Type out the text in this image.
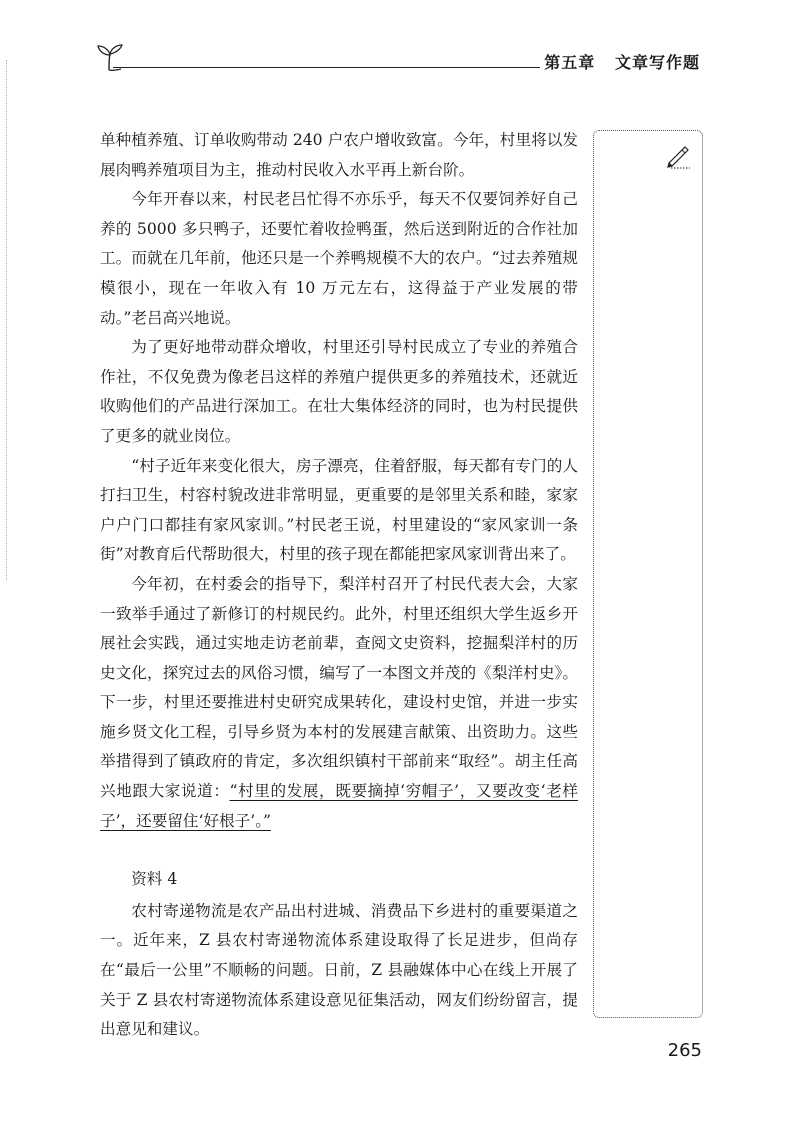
第五章   文章写作题

单种植养殖、订单收购带动 240 户农户增收致富。今年，村里将以发展肉鸭养殖项目为主，推动村民收入水平再上新台阶。

今年开春以来，村民老吕忙得不亦乐乎，每天不仅要饲养好自己养的 5000 多只鸭子，还要忙着收捡鸭蛋，然后送到附近的合作社加工。而就在几年前，他还只是一个养鸭规模不大的农户。“过去养殖规模很小，现在一年收入有 10 万元左右，这得益于产业发展的带动。”老吕高兴地说。

为了更好地带动群众增收，村里还引导村民成立了专业的养殖合作社，不仅免费为像老吕这样的养殖户提供更多的养殖技术，还就近收购他们的产品进行深加工。在壮大集体经济的同时，也为村民提供了更多的就业岗位。

“村子近年来变化很大，房子漂亮，住着舒服，每天都有专门的人打扫卫生，村容村貌改进非常明显，更重要的是邻里关系和睦，家家户户门口都挂有家风家训。”村民老王说，村里建设的“家风家训一条街”对教育后代帮助很大，村里的孩子现在都能把家风家训背出来了。

今年初，在村委会的指导下，梨洋村召开了村民代表大会，大家一致举手通过了新修订的村规民约。此外，村里还组织大学生返乡开展社会实践，通过实地走访老前辈，查阅文史资料，挖掘梨洋村的历史文化，探究过去的风俗习惯，编写了一本图文并茂的《梨洋村史》。下一步，村里还要推进村史研究成果转化，建设村史馆，并进一步实施乡贤文化工程，引导乡贤为本村的发展建言献策、出资助力。这些举措得到了镇政府的肯定，多次组织镇村干部前来“取经”。胡主任高兴地跟大家说道：“村里的发展，既要摘掉‘穷帽子’，又要改变‘老样子’，还要留住‘好根子’。”

资料 4

农村寄递物流是农产品出村进城、消费品下乡进村的重要渠道之一。近年来，Z 县农村寄递物流体系建设取得了长足进步，但尚存在“最后一公里”不顺畅的问题。日前，Z 县融媒体中心在线上开展了关于 Z 县农村寄递物流体系建设意见征集活动，网友们纷纷留言，提出意见和建议。

265
